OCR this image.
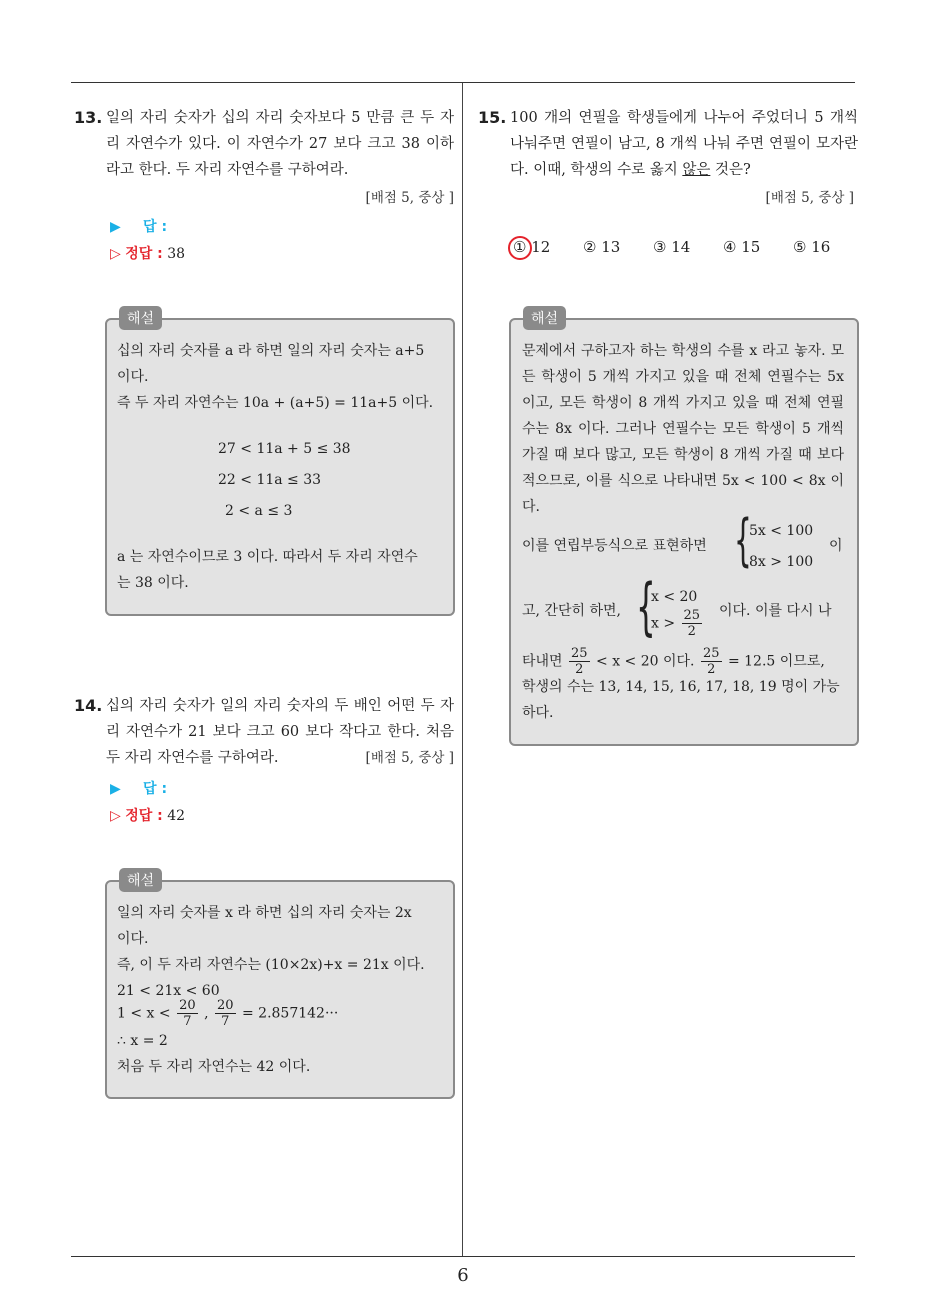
6
13. 일의 자리 숫자가 십의 자리 숫자보다 5 만큼 큰 두 자리 자연수가 있다. 이 자연수가 27 보다 크고 38 이하라고 한다. 두 자리 자연수를 구하여라.
[배점 5, 중상 ]
▶ 답 :
▷ 정답 : 38
해설
십의 자리 숫자를 a 라 하면 일의 자리 숫자는 a+5
이다.
즉 두 자리 자연수는 10a + (a+5) = 11a+5 이다.
27 < 11a + 5 ≤ 38
22 < 11a ≤ 33
2 < a ≤ 3
a 는 자연수이므로 3 이다. 따라서 두 자리 자연수
는 38 이다.
14. 십의 자리 숫자가 일의 자리 숫자의 두 배인 어떤 두 자리 자연수가 21 보다 크고 60 보다 작다고 한다. 처음 두 자리 자연수를 구하여라.	[배점 5, 중상 ]
▶ 답 :
▷ 정답 : 42
해설
일의 자리 숫자를 x 라 하면 십의 자리 숫자는 2x
이다.
즉, 이 두 자리 자연수는 (10×2x)+x = 21x 이다.
21 < 21x < 60
$1 < x < \frac{20}{7}$ , $\frac{20}{7} = 2.857142\cdot\cdot\cdot$
∴ x = 2
처음 두 자리 자연수는 42 이다.
15. 100 개의 연필을 학생들에게 나누어 주었더니 5 개씩 나눠주면 연필이 남고, 8 개씩 나눠 주면 연필이 모자란다. 이때, 학생의 수로 옳지 않은 것은?
[배점 5, 중상 ]
① 12 ② 13 ③ 14 ④ 15 ⑤ 16
해설
문제에서 구하고자 하는 학생의 수를 x 라고 놓자. 모든 학생이 5 개씩 가지고 있을 때 전체 연필수는 5x 이고, 모든 학생이 8 개씩 가지고 있을 때 전체 연필수는 8x 이다. 그러나 연필수는 모든 학생이 5 개씩 가질 때 보다 많고, 모든 학생이 8 개씩 가질 때 보다 적으므로, 이를 식으로 나타내면 5x < 100 < 8x 이다.
이를 연립부등식으로 표현하면 {
5x < 100
8x > 100
이
고, 간단히 하면, {
x < 20
$x > \frac{25}{2}$ 이다. 이를 다시 나
타내면 $\frac{25}{2} < x < 20$ 이다. $\frac{25}{2} = 12.5$ 이므로,
학생의 수는 13, 14, 15, 16, 17, 18, 19 명이 가능
하다.
